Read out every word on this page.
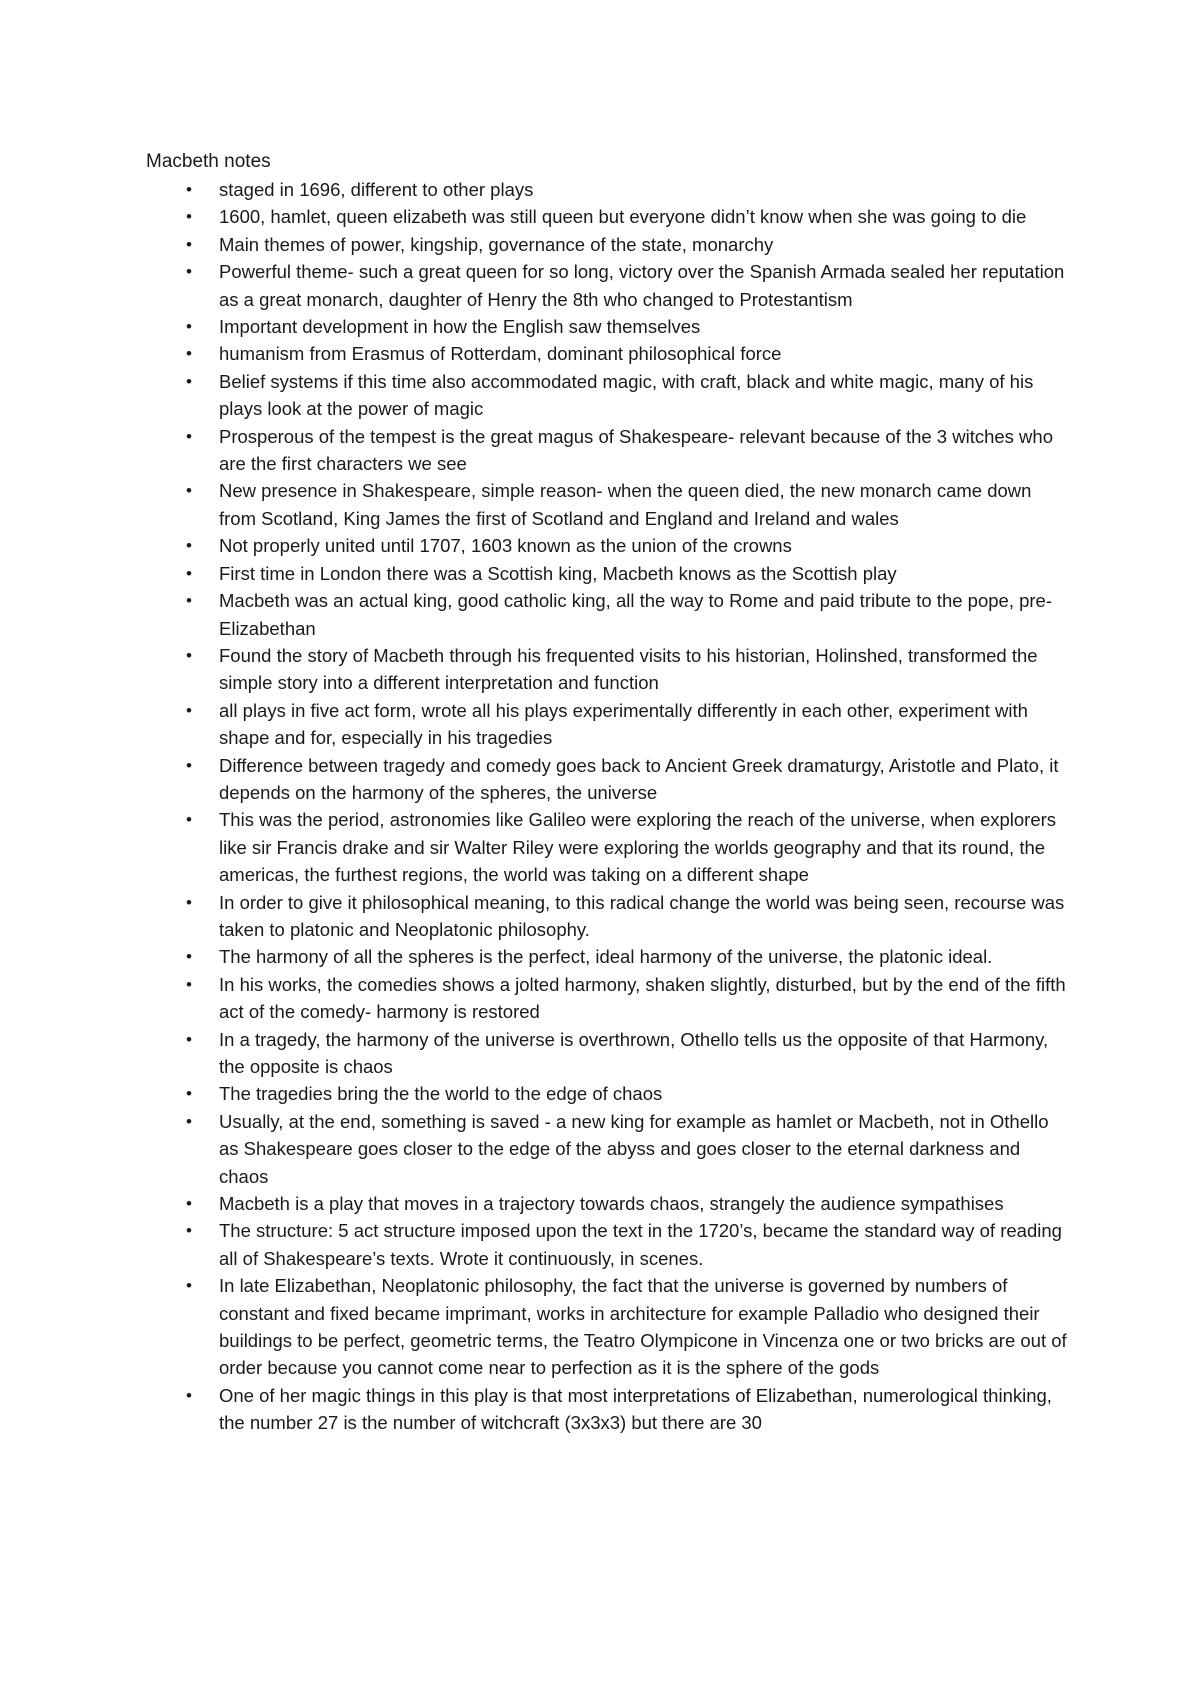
Macbeth notes
• staged in 1696, different to other plays
• 1600, hamlet, queen elizabeth was still queen but everyone didn’t know when she was going to die
• Main themes of power, kingship, governance of the state, monarchy
• Powerful theme- such a great queen for so long, victory over the Spanish Armada sealed her reputation as a great monarch, daughter of Henry the 8th who changed to Protestantism
• Important development in how the English saw themselves
• humanism from Erasmus of Rotterdam, dominant philosophical force
• Belief systems if this time also accommodated magic, with craft, black and white magic, many of his plays look at the power of magic
• Prosperous of the tempest is the great magus of Shakespeare- relevant because of the 3 witches who are the first characters we see
• New presence in Shakespeare, simple reason- when the queen died, the new monarch came down from Scotland, King James the first of Scotland and England and Ireland and wales
• Not properly united until 1707, 1603 known as the union of the crowns
• First time in London there was a Scottish king, Macbeth knows as the Scottish play
• Macbeth was an actual king, good catholic king, all the way to Rome and paid tribute to the pope, pre-Elizabethan
• Found the story of Macbeth through his frequented visits to his historian, Holinshed, transformed the simple story into a different interpretation and function
• all plays in five act form, wrote all his plays experimentally differently in each other, experiment with shape and for, especially in his tragedies
• Difference between tragedy and comedy goes back to Ancient Greek dramaturgy, Aristotle and Plato, it depends on the harmony of the spheres, the universe
• This was the period, astronomies like Galileo were exploring the reach of the universe, when explorers like sir Francis drake and sir Walter Riley were exploring the worlds geography and that its round, the americas, the furthest regions, the world was taking on a different shape
• In order to give it philosophical meaning, to this radical change the world was being seen, recourse was taken to platonic and Neoplatonic philosophy.
• The harmony of all the spheres is the perfect, ideal harmony of the universe, the platonic ideal.
• In his works, the comedies shows a jolted harmony, shaken slightly, disturbed, but by the end of the fifth act of the comedy- harmony is restored
• In a tragedy, the harmony of the universe is overthrown, Othello tells us the opposite of that Harmony, the opposite is chaos
• The tragedies bring the the world to the edge of chaos
• Usually, at the end, something is saved - a new king for example as hamlet or Macbeth, not in Othello as Shakespeare goes closer to the edge of the abyss and goes closer to the eternal darkness and chaos
• Macbeth is a play that moves in a trajectory towards chaos, strangely the audience sympathises
• The structure: 5 act structure imposed upon the text in the 1720’s, became the standard way of reading all of Shakespeare’s texts. Wrote it continuously, in scenes.
• In late Elizabethan, Neoplatonic philosophy, the fact that the universe is governed by numbers of constant and fixed became imprimant, works in architecture for example Palladio who designed their buildings to be perfect, geometric terms, the Teatro Olympicone in Vincenza one or two bricks are out of order because you cannot come near to perfection as it is the sphere of the gods
• One of her magic things in this play is that most interpretations of Elizabethan, numerological thinking, the number 27 is the number of witchcraft (3x3x3) but there are 30
